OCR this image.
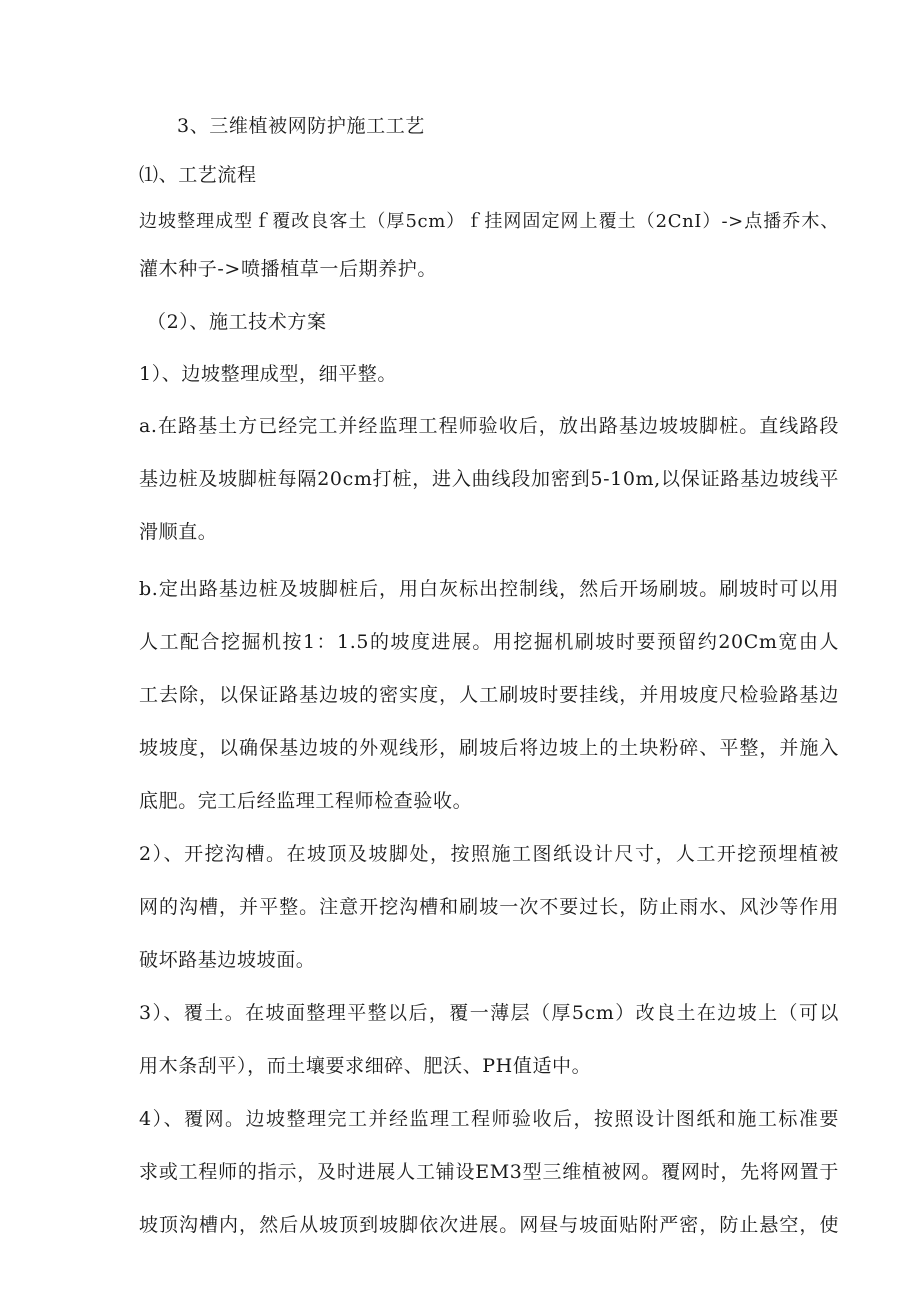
3、三维植被网防护施工工艺
⑴、工艺流程
边坡整理成型ｆ覆改良客土（厚5cm）ｆ挂网固定网上覆土（2CnI）->点播乔木、
灌木种子->喷播植草一后期养护。
（2）、施工技术方案
1）、边坡整理成型，细平整。
a.在路基土方已经完工并经监理工程师验收后，放出路基边坡坡脚桩。直线路段
基边桩及坡脚桩每隔20cm打桩，进入曲线段加密到5-10m,以保证路基边坡线平
滑顺直。
b.定出路基边桩及坡脚桩后，用白灰标出控制线，然后开场刷坡。刷坡时可以用
人工配合挖掘机按1：1.5的坡度进展。用挖掘机刷坡时要预留约20Cm宽由人
工去除，以保证路基边坡的密实度，人工刷坡时要挂线，并用坡度尺检验路基边
坡坡度，以确保基边坡的外观线形，刷坡后将边坡上的土块粉碎、平整，并施入
底肥。完工后经监理工程师检查验收。
2）、开挖沟槽。在坡顶及坡脚处，按照施工图纸设计尺寸，人工开挖预埋植被
网的沟槽，并平整。注意开挖沟槽和刷坡一次不要过长，防止雨水、风沙等作用
破坏路基边坡坡面。
3）、覆土。在坡面整理平整以后，覆一薄层（厚5cm）改良土在边坡上（可以
用木条刮平），而土壤要求细碎、肥沃、PH值适中。
4）、覆网。边坡整理完工并经监理工程师验收后，按照设计图纸和施工标准要
求或工程师的指示，及时进展人工铺设EM3型三维植被网。覆网时，先将网置于
坡顶沟槽内，然后从坡顶到坡脚依次进展。网昼与坡面贴附严密，防止悬空，使
